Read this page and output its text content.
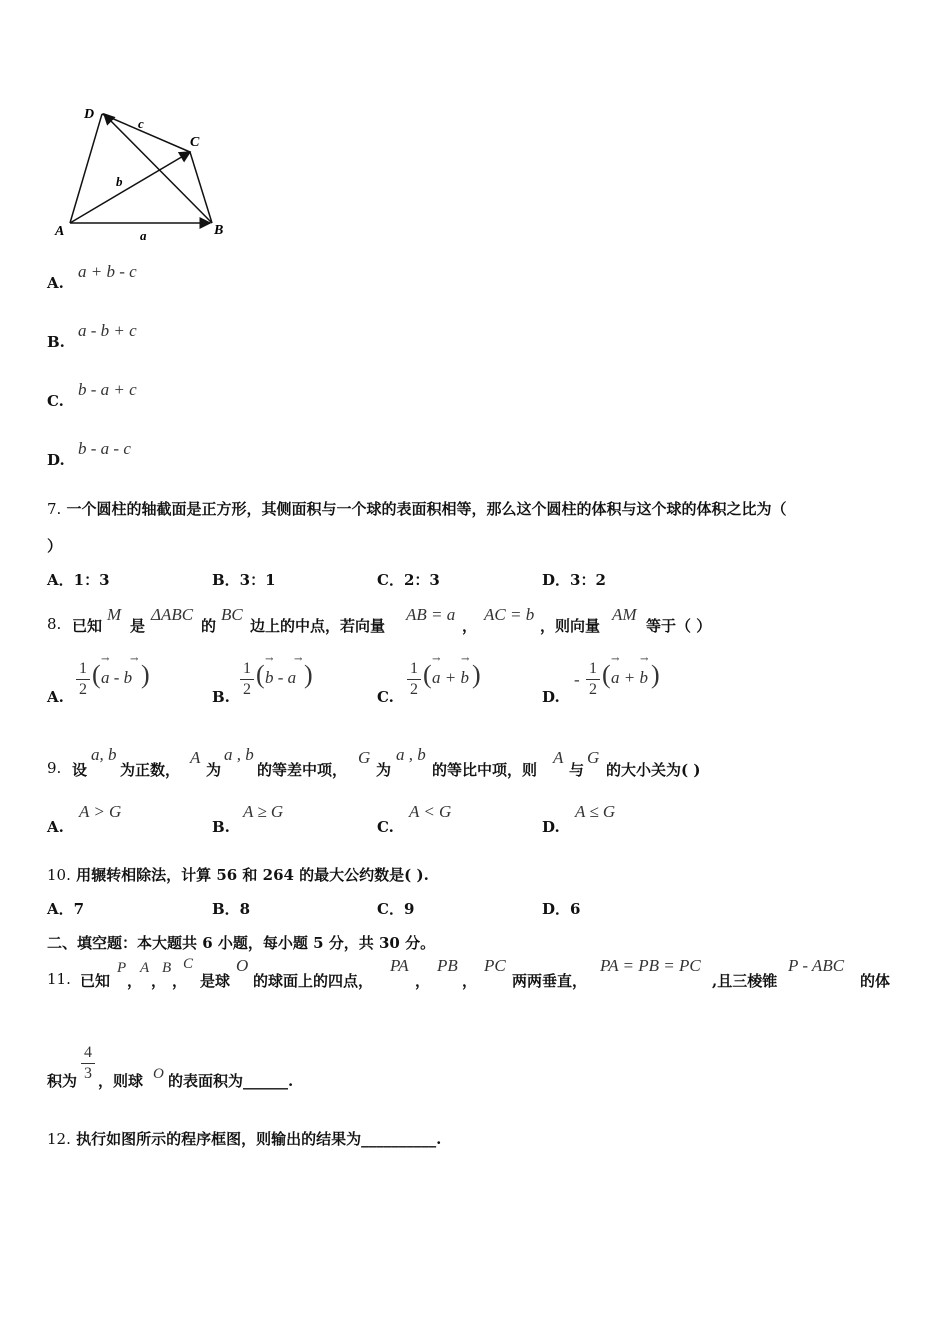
D
C
A	B
c
b
a
A.
a + b - c
B.
a - b + c
C.
b - a + c
D.
b - a - c
7. 一个圆柱的轴截面是正方形，其侧面积与一个球的表面积相等，那么这个圆柱的体积与这个球的体积之比为（
）
A．1：3	B．3：1	C．2：3	D．3：2
8. 已知
M
是
ΔABC
的
BC
边上的中点，若向量
AB = a
，
AC = b
，则向量
AM
等于（ ）
A.
1
2
(
→ →
a - b )
B.
1
2
(
→ →
b - a )
C.
1
2
(
→ →
a + b )
D.
-
1
2
(
→ →
a + b )
9. 设
a, b
为正数，
A
为
a , b
的等差中项，
G
为
a , b
的等比中项，则
A
与
G
的大小关为( )
A.
A > G
B.
A ≥ G
C.
A < G
D.
A ≤ G
10. 用辗转相除法，计算 56 和 264 的最大公约数是( ).
A．7	B．8	C．9	D．6
二、填空题：本大题共 6 小题，每小题 5 分，共 30 分。
11. 已知
P
，
A
，
B
，
C
是球
O
的球面上的四点，
PA
，
PB
，
PC
两两垂直，
PA = PB = PC
,且三棱锥
P - ABC
的体
积为
4
3 ，则球 O 的表面积为______.
12. 执行如图所示的程序框图，则输出的结果为__________.
